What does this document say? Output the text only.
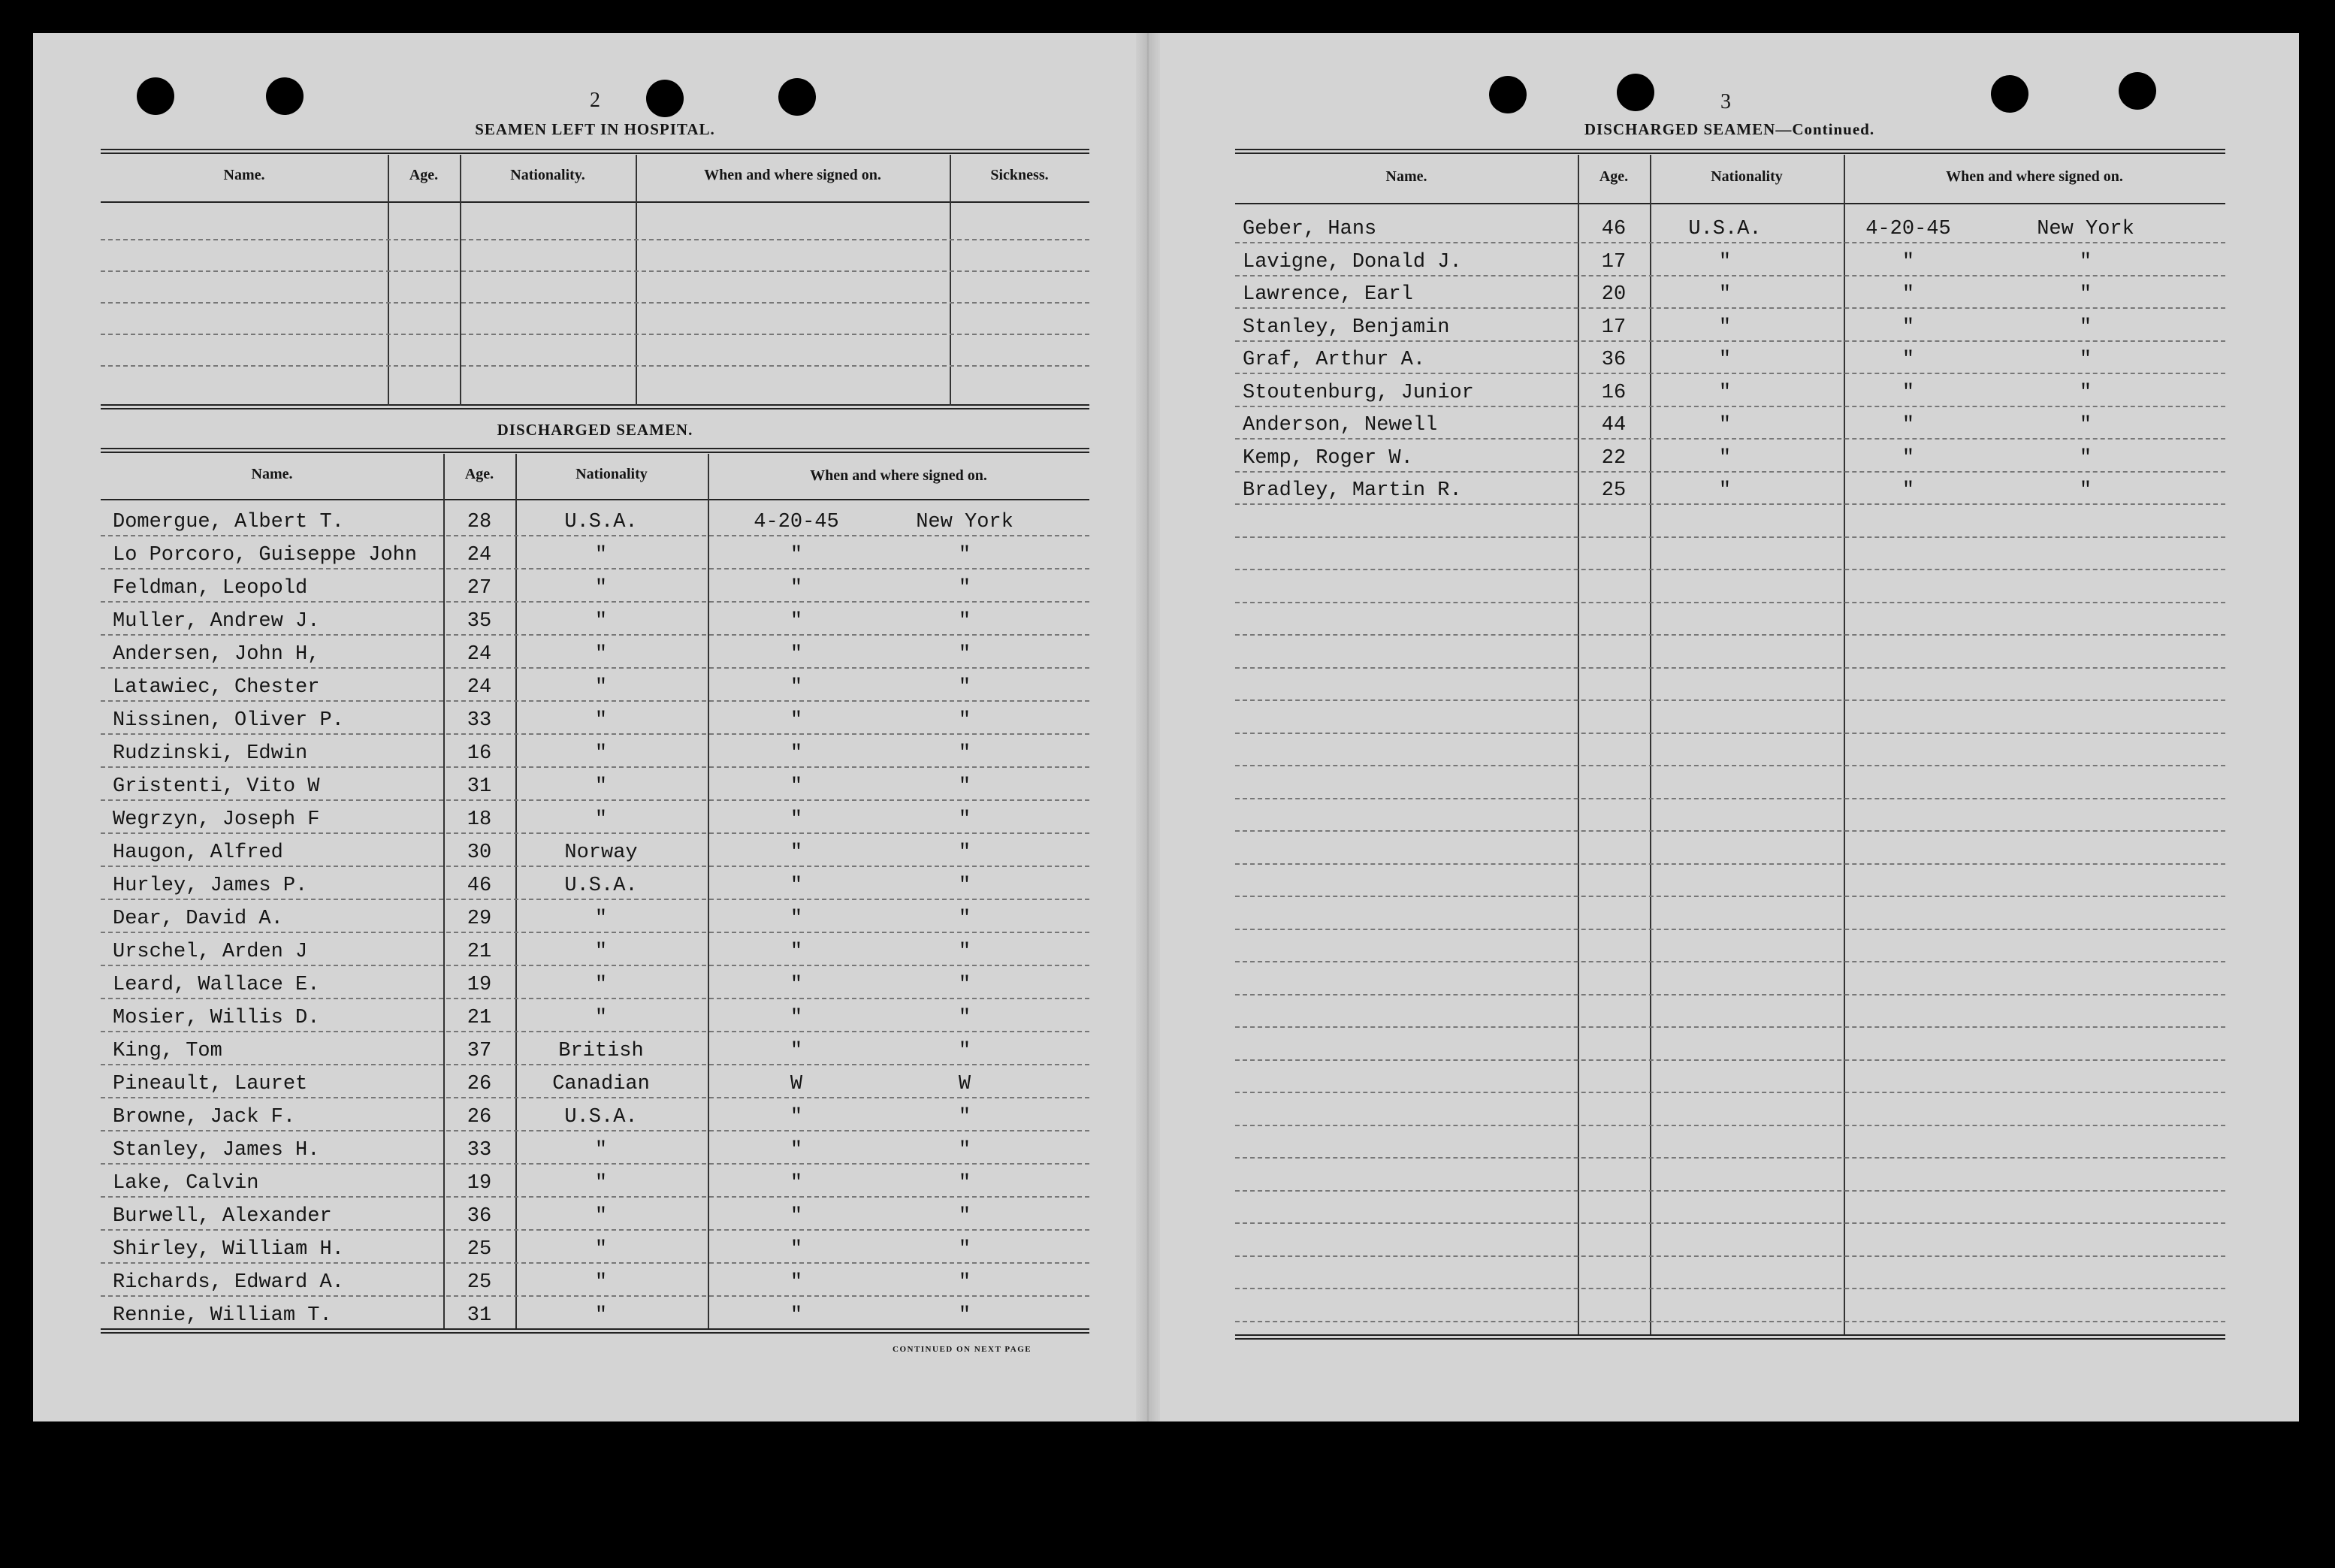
2
SEAMEN LEFT IN HOSPITAL.
Name.	Age.	Nationality.	When and where signed on.	Sickness.
DISCHARGED SEAMEN.
Name.	Age.	Nationality	When and where signed on.
Domergue, Albert T.	28	U.S.A.	4-20-45	New York
Lo Porcoro, Guiseppe John	24	"	"	"
Feldman, Leopold	27	"	"	"
Muller, Andrew J.	35	"	"	"
Andersen, John H,	24	"	"	"
Latawiec, Chester	24	"	"	"
Nissinen, Oliver P.	33	"	"	"
Rudzinski, Edwin	16	"	"	"
Gristenti, Vito W	31	"	"	"
Wegrzyn, Joseph F	18	"	"	"
Haugon, Alfred	30	Norway	"	"
Hurley, James P.	46	U.S.A.	"	"
Dear, David A.	29	"	"	"
Urschel, Arden J	21	"	"	"
Leard, Wallace E.	19	"	"	"
Mosier, Willis D.	21	"	"	"
King, Tom	37	British	"	"
Pineault, Lauret	26	Canadian	W	W
Browne, Jack F.	26	U.S.A.	"	"
Stanley, James H.	33	"	"	"
Lake, Calvin	19	"	"	"
Burwell, Alexander	36	"	"	"
Shirley, William H.	25	"	"	"
Richards, Edward A.	25	"	"	"
Rennie, William T.	31	"	"	"
CONTINUED ON NEXT PAGE
3
DISCHARGED SEAMEN—Continued.
Name.	Age.	Nationality	When and where signed on.
Geber, Hans	46	U.S.A.	4-20-45	New York
Lavigne, Donald J.	17	"	"	"
Lawrence, Earl	20	"	"	"
Stanley, Benjamin	17	"	"	"
Graf, Arthur A.	36	"	"	"
Stoutenburg, Junior	16	"	"	"
Anderson, Newell	44	"	"	"
Kemp, Roger W.	22	"	"	"
Bradley, Martin R.	25	"	"	"
